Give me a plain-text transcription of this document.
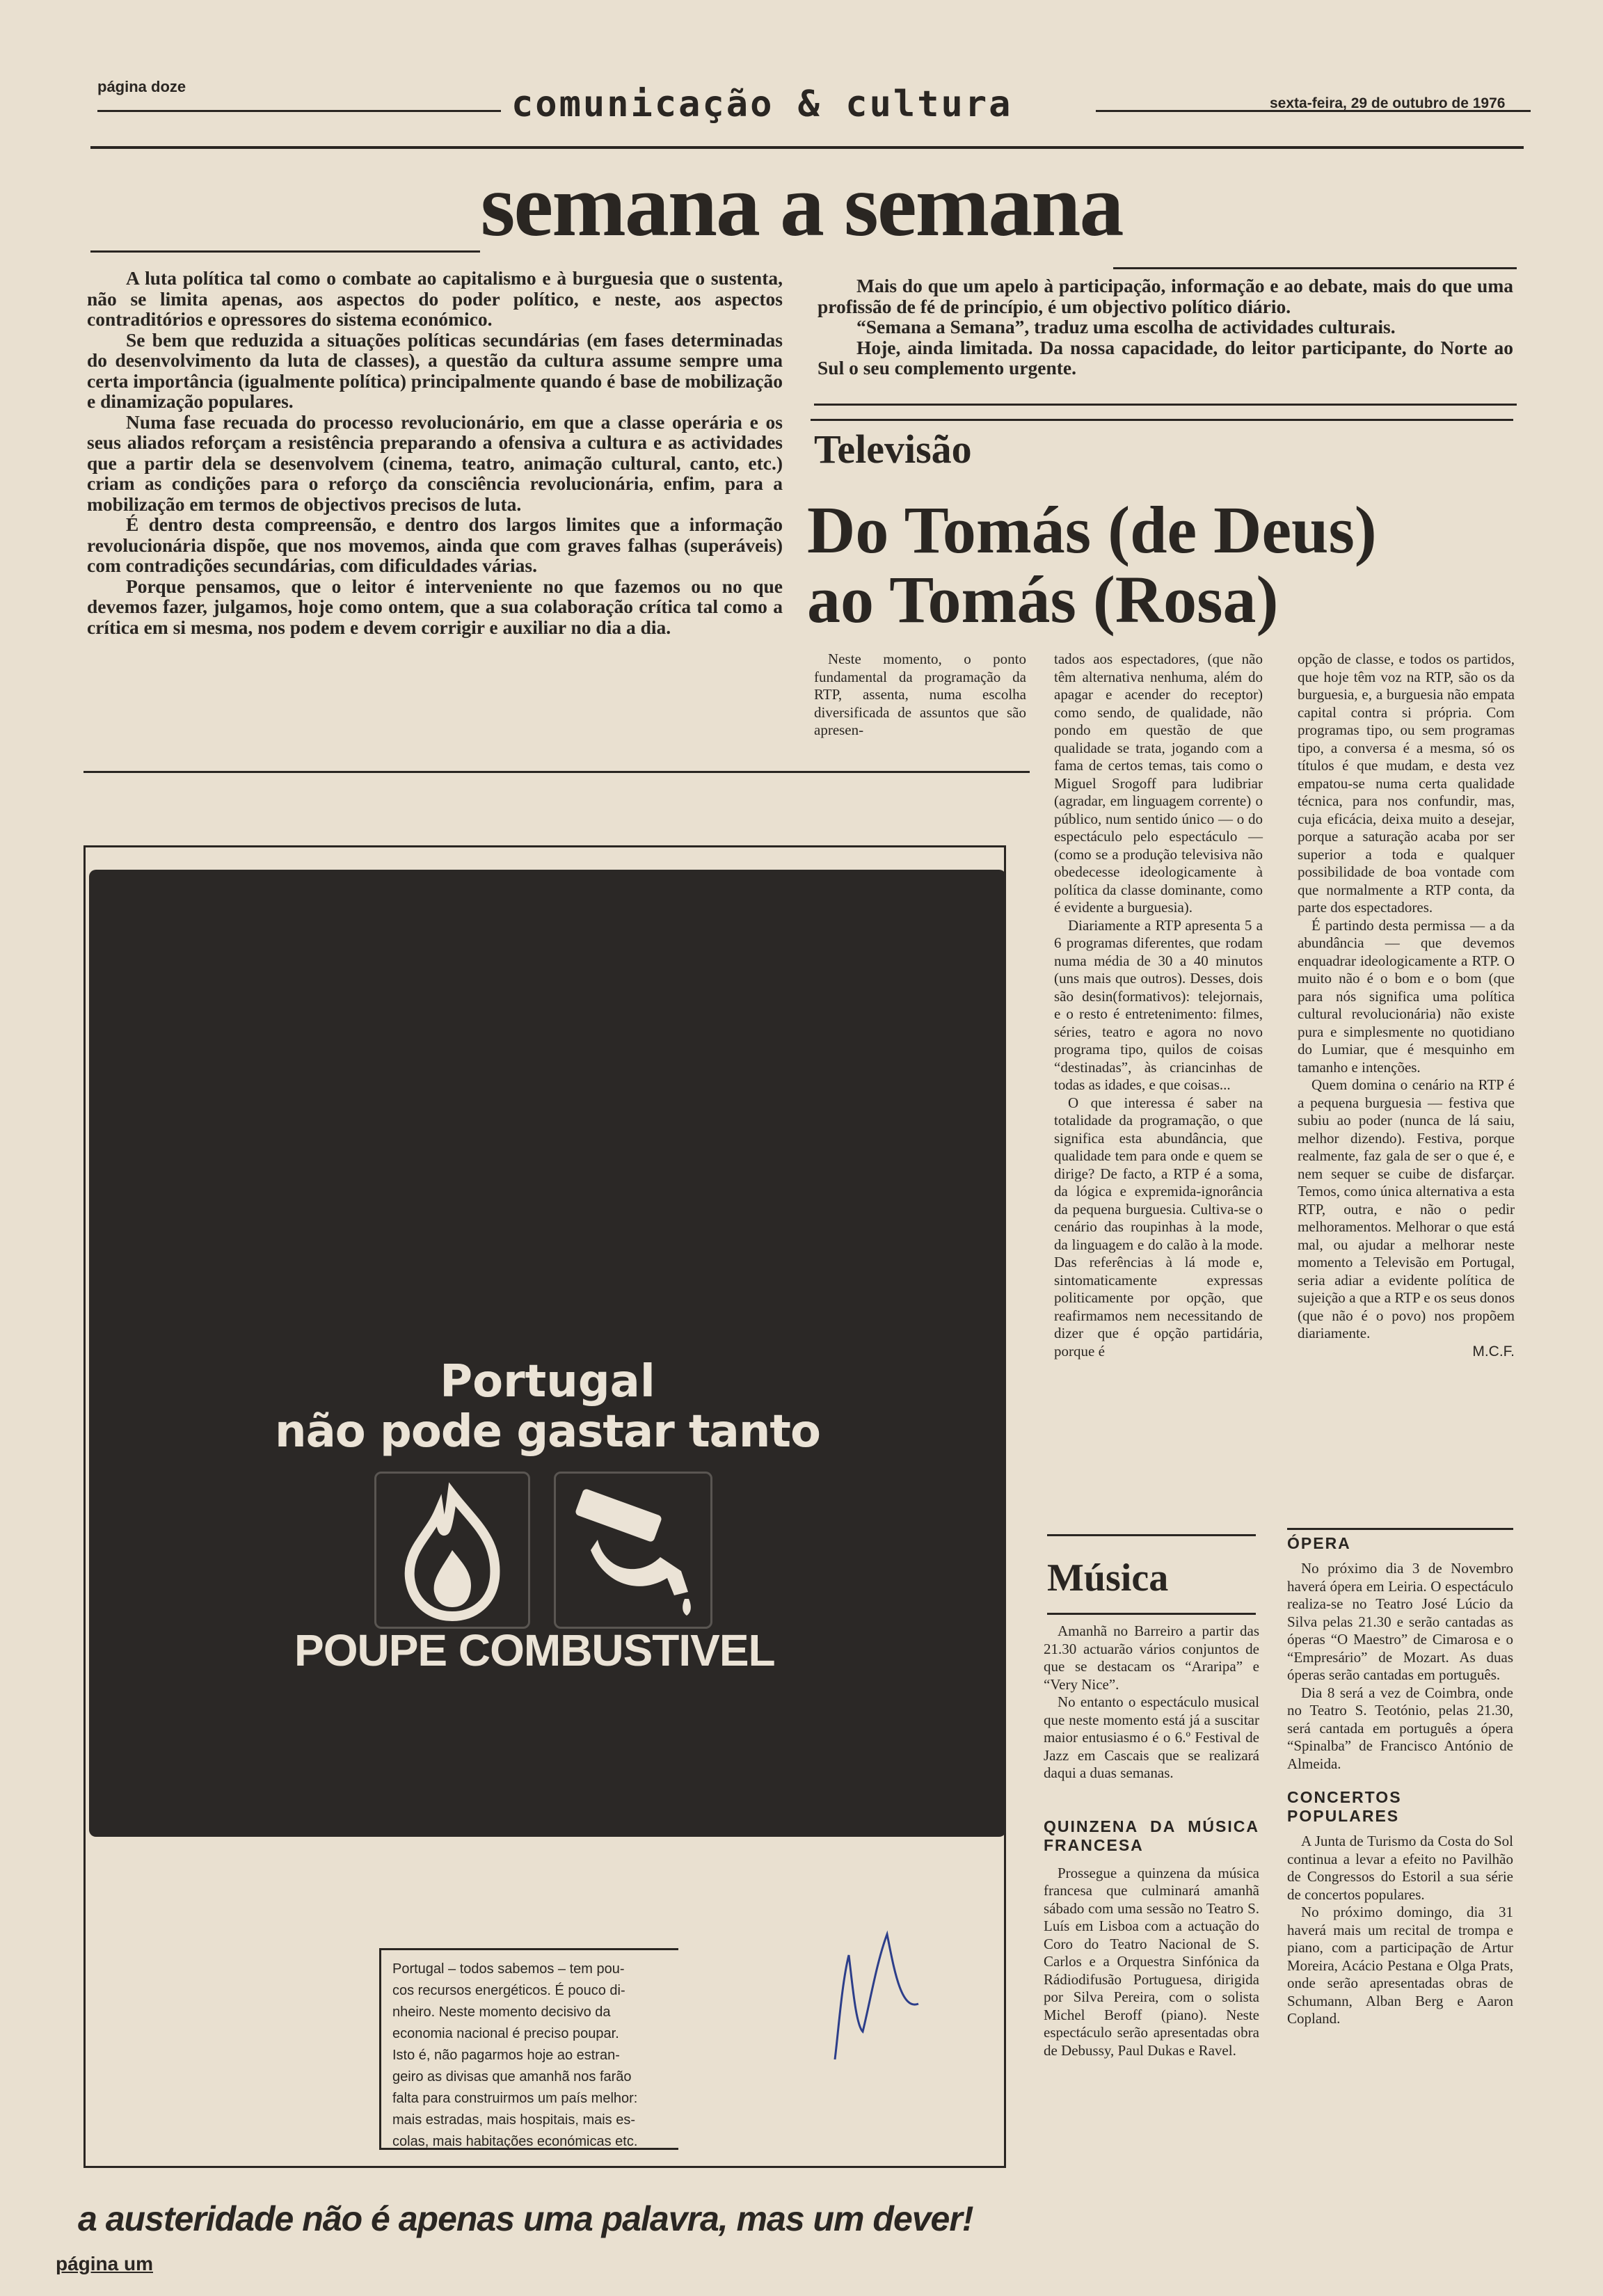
página doze	comunicação & cultura	sexta-feira, 29 de outubro de 1976
semana a semana

A luta política tal como o combate ao capitalismo e à burguesia que o sustenta, não se limita apenas, aos aspectos do poder político, e neste, aos aspectos contraditórios e opressores do sistema económico.

Se bem que reduzida a situações políticas secundárias (em fases determinadas do desenvolvimento da luta de classes), a questão da cultura assume sempre uma certa importância (igualmente política) principalmente quando é base de mobilização e dinamização populares.

Numa fase recuada do processo revolucionário, em que a classe operária e os seus aliados reforçam a resistência preparando a ofensiva a cultura e as actividades que a partir dela se desenvolvem (cinema, teatro, animação cultural, canto, etc.) criam as condições para o reforço da consciência revolucionária, enfim, para a mobilização em termos de objectivos precisos de luta.

É dentro desta compreensão, e dentro dos largos limites que a informação revolucionária dispõe, que nos movemos, ainda que com graves falhas (superáveis) com contradições secundárias, com dificuldades várias.

Porque pensamos, que o leitor é interveniente no que fazemos ou no que devemos fazer, julgamos, hoje como ontem, que a sua colaboração crítica tal como a crítica em si mesma, nos podem e devem corrigir e auxiliar no dia a dia.

Mais do que um apelo à participação, informação e ao debate, mais do que uma profissão de fé de princípio, é um objectivo político diário.

“Semana a Semana”, traduz uma escolha de actividades culturais.

Hoje, ainda limitada. Da nossa capacidade, do leitor participante, do Norte ao Sul o seu complemento urgente.

Televisão
Do Tomás (de Deus)
ao Tomás (Rosa)

Neste momento, o ponto fundamental da programação da RTP, assenta, numa escolha diversificada de assuntos que são apresen-

tados aos espectadores, (que não têm alternativa nenhuma, além do apagar e acender do receptor) como sendo, de qualidade, não pondo em questão de que qualidade se trata, jogando com a fama de certos temas, tais como o Miguel Srogoff para ludibriar (agradar, em linguagem corrente) o público, num sentido único — o do espectáculo pelo espectáculo — (como se a produção televisiva não obedecesse ideologicamente à política da classe dominante, como é evidente a burguesia).

Diariamente a RTP apresenta 5 a 6 programas diferentes, que rodam numa média de 30 a 40 minutos (uns mais que outros). Desses, dois são desin(formativos): telejornais, e o resto é entretenimento: filmes, séries, teatro e agora no novo programa tipo, quilos de coisas “destinadas”, às criancinhas de todas as idades, e que coisas...

O que interessa é saber na totalidade da programação, o que significa esta abundância, que qualidade tem para onde e quem se dirige? De facto, a RTP é a soma, da lógica e expremida-ignorância da pequena burguesia. Cultiva-se o cenário das roupinhas à la mode, da linguagem e do calão à la mode. Das referências à lá mode e, sintomaticamente expressas politicamente por opção, que reafirmamos nem necessitando de dizer que é opção partidária, porque é

opção de classe, e todos os partidos, que hoje têm voz na RTP, são os da burguesia, e, a burguesia não empata capital contra si própria. Com programas tipo, ou sem programas tipo, a conversa é a mesma, só os títulos é que mudam, e desta vez empatou-se numa certa qualidade técnica, para nos confundir, mas, cuja eficácia, deixa muito a desejar, porque a saturação acaba por ser superior a toda e qualquer possibilidade de boa vontade com que normalmente a RTP conta, da parte dos espectadores.

É partindo desta permissa — a da abundância — que devemos enquadrar ideologicamente a RTP. O muito não é o bom e o bom (que para nós significa uma política cultural revolucionária) não existe pura e simplesmente no quotidiano do Lumiar, que é mesquinho em tamanho e intenções.

Quem domina o cenário na RTP é a pequena burguesia — festiva que subiu ao poder (nunca de lá saiu, melhor dizendo). Festiva, porque realmente, faz gala de ser o que é, e nem sequer se cuibe de disfarçar. Temos, como única alternativa a esta RTP, outra, e não o pedir melhoramentos. Melhorar o que está mal, ou ajudar a melhorar neste momento a Televisão em Portugal, seria adiar a evidente política de sujeição a que a RTP e os seus donos (que não é o povo) nos propõem diariamente.

M.C.F.
Música

Amanhã no Barreiro a partir das 21.30 actuarão vários conjuntos de que se destacam os “Araripa” e “Very Nice”.

No entanto o espectáculo musical que neste momento está já a suscitar maior entusiasmo é o 6.º Festival de Jazz em Cascais que se realizará daqui a duas semanas.

QUINZENA DA MÚSICA FRANCESA

Prossegue a quinzena da música francesa que culminará amanhã sábado com uma sessão no Teatro S. Luís em Lisboa com a actuação do Coro do Teatro Nacional de S. Carlos e a Orquestra Sinfónica da Rádiodifusão Portuguesa, dirigida por Silva Pereira, com o solista Michel Beroff (piano). Neste espectáculo serão apresentadas obra de Debussy, Paul Dukas e Ravel.

ÓPERA

No próximo dia 3 de Novembro haverá ópera em Leiria. O espectáculo realiza-se no Teatro José Lúcio da Silva pelas 21.30 e serão cantadas as óperas “O Maestro” de Cimarosa e o “Empresário” de Mozart. As duas óperas serão cantadas em português.

Dia 8 será a vez de Coimbra, onde no Teatro S. Teotónio, pelas 21.30, será cantada em português a ópera “Spinalba” de Francisco António de Almeida.

CONCERTOS POPULARES

A Junta de Turismo da Costa do Sol continua a levar a efeito no Pavilhão de Congressos do Estoril a sua série de concertos populares.

No próximo domingo, dia 31 haverá mais um recital de trompa e piano, com a participação de Artur Moreira, Acácio Pestana e Olga Prats, onde serão apresentadas obras de Schumann, Alban Berg e Aaron Copland.

Portugal
não pode gastar tanto
POUPE COMBUSTIVEL
Portugal – todos sabemos – tem pou-
cos recursos energéticos. É pouco di-
nheiro. Neste momento decisivo da
economia nacional é preciso poupar.
Isto é, não pagarmos hoje ao estran-
geiro as divisas que amanhã nos farão
falta para construirmos um país melhor:
mais estradas, mais hospitais, mais es-
colas, mais habitações económicas etc.
a austeridade não é apenas uma palavra, mas um dever!
página um
